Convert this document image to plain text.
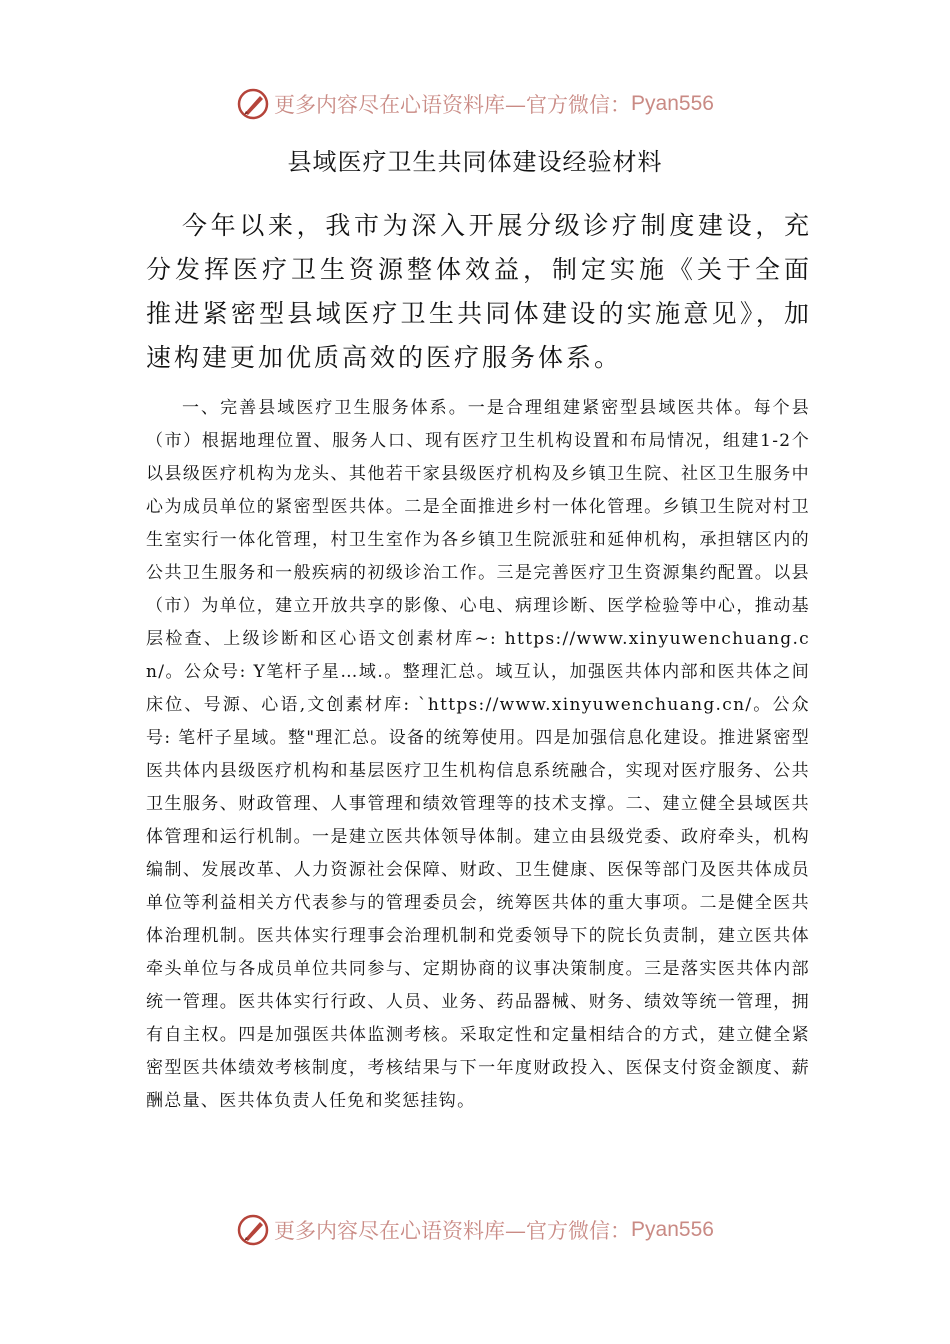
更多内容尽在心语资料库—官方微信： Pyan556
县域医疗卫生共同体建设经验材料

今年以来，我市为深入开展分级诊疗制度建设，充分发挥医疗卫生资源整体效益，制定实施《关于全面推进紧密型县域医疗卫生共同体建设的实施意见》，加速构建更加优质高效的医疗服务体系。

一、完善县域医疗卫生服务体系。一是合理组建紧密型县域医共体。每个县（市）根据地理位置、服务人口、现有医疗卫生机构设置和布局情况，组建1-2个以县级医疗机构为龙头、其他若干家县级医疗机构及乡镇卫生院、社区卫生服务中心为成员单位的紧密型医共体。二是全面推进乡村一体化管理。乡镇卫生院对村卫生室实行一体化管理，村卫生室作为各乡镇卫生院派驻和延伸机构，承担辖区内的公共卫生服务和一般疾病的初级诊治工作。三是完善医疗卫生资源集约配置。以县（市）为单位，建立开放共享的影像、心电、病理诊断、医学检验等中心，推动基层检查、上级诊断和区心语文创素材库~: https://www.xinyuwenchuang.cn/。公众号: Y笔杆子星…域.。整理汇总。域互认，加强医共体内部和医共体之间床位、号源、心语,文创素材库: `https://www.xinyuwenchuang.cn/。公众号: 笔杆子星域。整"理汇总。设备的统筹使用。四是加强信息化建设。推进紧密型医共体内县级医疗机构和基层医疗卫生机构信息系统融合，实现对医疗服务、公共卫生服务、财政管理、人事管理和绩效管理等的技术支撑。二、建立健全县域医共体管理和运行机制。一是建立医共体领导体制。建立由县级党委、政府牵头，机构编制、发展改革、人力资源社会保障、财政、卫生健康、医保等部门及医共体成员单位等利益相关方代表参与的管理委员会，统筹医共体的重大事项。二是健全医共体治理机制。医共体实行理事会治理机制和党委领导下的院长负责制，建立医共体牵头单位与各成员单位共同参与、定期协商的议事决策制度。三是落实医共体内部统一管理。医共体实行行政、人员、业务、药品器械、财务、绩效等统一管理，拥有自主权。四是加强医共体监测考核。采取定性和定量相结合的方式，建立健全紧密型医共体绩效考核制度，考核结果与下一年度财政投入、医保支付资金额度、薪酬总量、医共体负责人任免和奖惩挂钩。

更多内容尽在心语资料库—官方微信： Pyan556
